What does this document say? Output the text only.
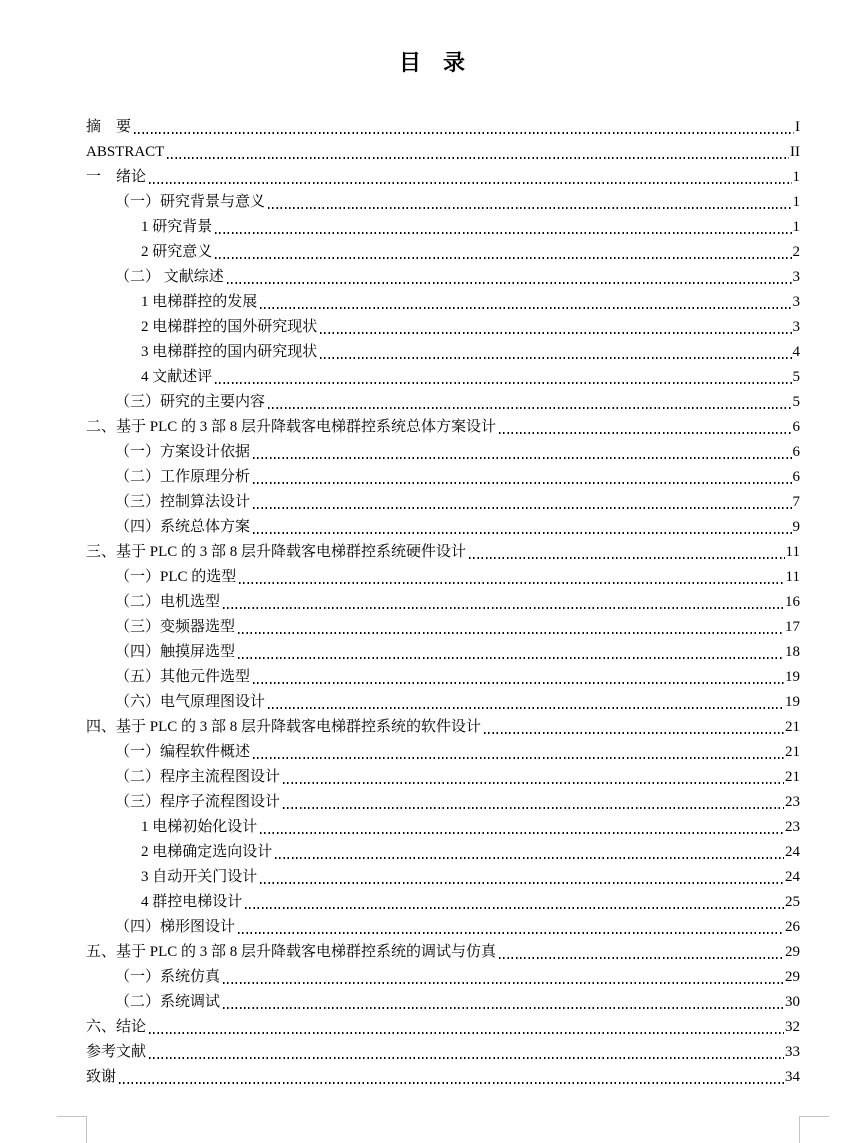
目　录
摘　要	I
ABSTRACT	II
一　绪论	1
（一）研究背景与意义	1
1 研究背景	1
2 研究意义	2
（二） 文献综述	3
1 电梯群控的发展	3
2 电梯群控的国外研究现状	3
3 电梯群控的国内研究现状	4
4 文献述评	5
（三）研究的主要内容	5
二、基于 PLC 的 3 部 8 层升降载客电梯群控系统总体方案设计	6
（一）方案设计依据	6
（二）工作原理分析	6
（三）控制算法设计	7
（四）系统总体方案	9
三、基于 PLC 的 3 部 8 层升降载客电梯群控系统硬件设计	11
（一）PLC 的选型	11
（二）电机选型	16
（三）变频器选型	17
（四）触摸屏选型	18
（五）其他元件选型	19
（六）电气原理图设计	19
四、基于 PLC 的 3 部 8 层升降载客电梯群控系统的软件设计	21
（一）编程软件概述	21
（二）程序主流程图设计	21
（三）程序子流程图设计	23
1 电梯初始化设计	23
2 电梯确定选向设计	24
3 自动开关门设计	24
4 群控电梯设计	25
（四）梯形图设计	26
五、基于 PLC 的 3 部 8 层升降载客电梯群控系统的调试与仿真	29
（一）系统仿真	29
（二）系统调试	30
六、结论	32
参考文献	33
致谢	34
